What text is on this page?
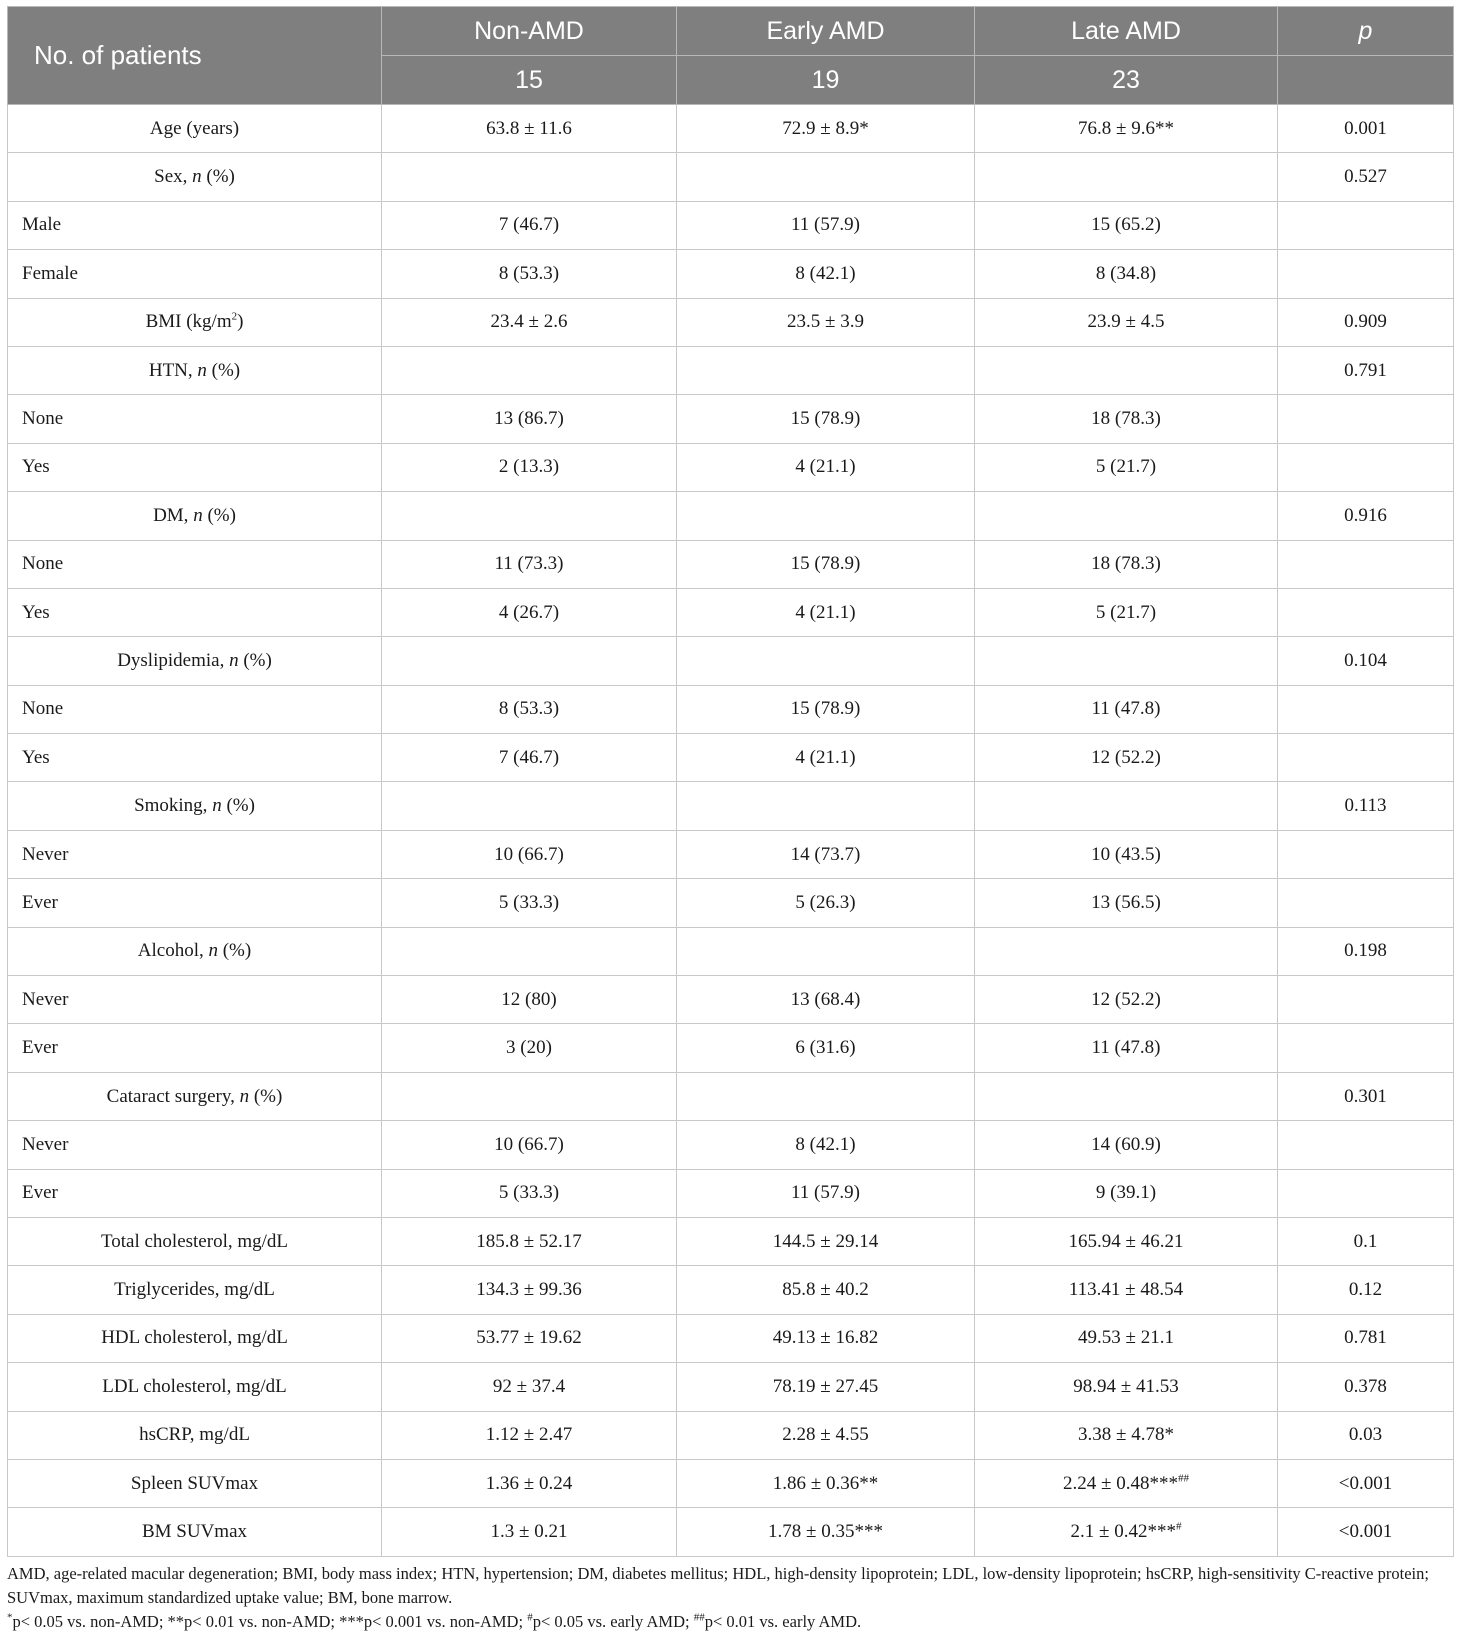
No. of patients	Non-AMD	Early AMD	Late AMD	p
	15	19	23	
Age (years)	63.8 ± 11.6	72.9 ± 8.9*	76.8 ± 9.6**	0.001
Sex, n (%)				0.527
Male	7 (46.7)	11 (57.9)	15 (65.2)	
Female	8 (53.3)	8 (42.1)	8 (34.8)	
BMI $(kg/m^2)$	23.4 ± 2.6	23.5 ± 3.9	23.9 ± 4.5	0.909
HTN, n (%)				0.791
None	13 (86.7)	15 (78.9)	18 (78.3)	
Yes	2 (13.3)	4 (21.1)	5 (21.7)	
DM, n (%)				0.916
None	11 (73.3)	15 (78.9)	18 (78.3)	
Yes	4 (26.7)	4 (21.1)	5 (21.7)	
Dyslipidemia, n (%)				0.104
None	8 (53.3)	15 (78.9)	11 (47.8)	
Yes	7 (46.7)	4 (21.1)	12 (52.2)	
Smoking, n (%)				0.113
Never	10 (66.7)	14 (73.7)	10 (43.5)	
Ever	5 (33.3)	5 (26.3)	13 (56.5)	
Alcohol, n (%)				0.198
Never	12 (80)	13 (68.4)	12 (52.2)	
Ever	3 (20)	6 (31.6)	11 (47.8)	
Cataract surgery, n (%)				0.301
Never	10 (66.7)	8 (42.1)	14 (60.9)	
Ever	5 (33.3)	11 (57.9)	9 (39.1)	
Total cholesterol, mg/dL	185.8 ± 52.17	144.5 ± 29.14	165.94 ± 46.21	0.1
Triglycerides, mg/dL	134.3 ± 99.36	85.8 ± 40.2	113.41 ± 48.54	0.12
HDL cholesterol, mg/dL	53.77 ± 19.62	49.13 ± 16.82	49.53 ± 21.1	0.781
LDL cholesterol, mg/dL	92 ± 37.4	78.19 ± 27.45	98.94 ± 41.53	0.378
hsCRP, mg/dL	1.12 ± 2.47	2.28 ± 4.55	3.38 ± 4.78*	0.03
Spleen SUVmax	1.36 ± 0.24	1.86 ± 0.36**	2.24 ± 0.48***##	<0.001
BM SUVmax	1.3 ± 0.21	1.78 ± 0.35***	2.1 ± 0.42***#	<0.001

AMD, age-related macular degeneration; BMI, body mass index; HTN, hypertension; DM, diabetes mellitus; HDL, high-density lipoprotein; LDL, low-density lipoprotein; hsCRP, high-sensitivity C-reactive protein; SUVmax, maximum standardized uptake value; BM, bone marrow.

*p< 0.05 vs. non-AMD; **p< 0.01 vs. non-AMD; ***p< 0.001 vs. non-AMD; #p< 0.05 vs. early AMD; ##p< 0.01 vs. early AMD.
